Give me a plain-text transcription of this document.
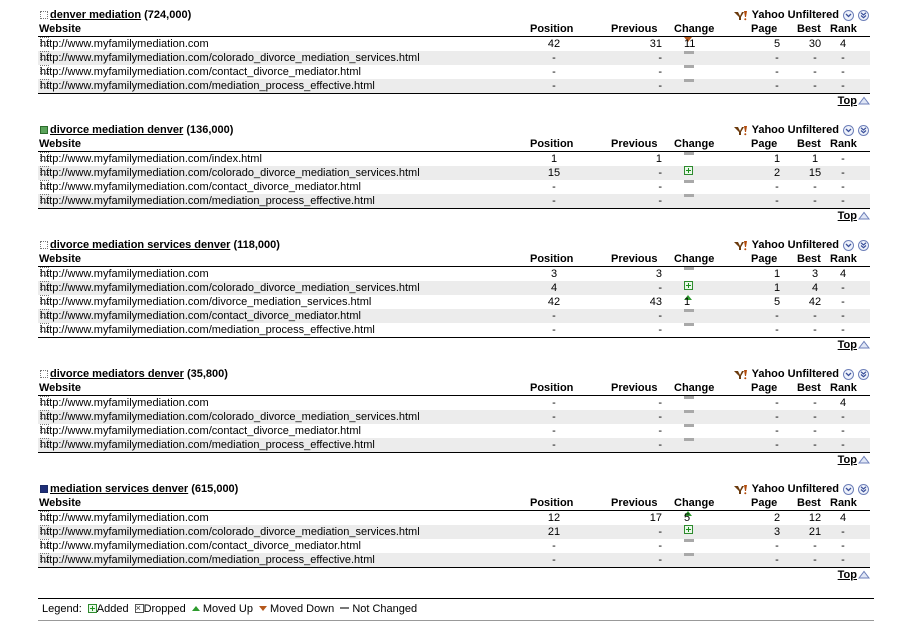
denver mediation (724,000)	Yahoo Unfiltered
Website	Position	Previous Change	Page Best Rank
http://www.myfamilymediation.com	42	31 11	5	30	4
http://www.myfamilymediation.com/colorado_divorce_mediation_services.html	-	-	-	-	-
http://www.myfamilymediation.com/contact_divorce_mediator.html	-	-	-	-	-
http://www.myfamilymediation.com/mediation_process_effective.html	-	-	-	-	-
Top
divorce mediation denver (136,000)	Yahoo Unfiltered
Website	Position	Previous Change	Page Best Rank
http://www.myfamilymediation.com/index.html	1	1	1	1	-
http://www.myfamilymediation.com/colorado_divorce_mediation_services.html	15	-	2	15	-
http://www.myfamilymediation.com/contact_divorce_mediator.html	-	-	-	-	-
http://www.myfamilymediation.com/mediation_process_effective.html	-	-	-	-	-
Top
divorce mediation services denver (118,000)	Yahoo Unfiltered
Website	Position	Previous Change	Page Best Rank
http://www.myfamilymediation.com	3	3	1	3	4
http://www.myfamilymediation.com/colorado_divorce_mediation_services.html	4	-	1	4	-
http://www.myfamilymediation.com/divorce_mediation_services.html	42	43 1	5	42	-
http://www.myfamilymediation.com/contact_divorce_mediator.html	-	-	-	-	-
http://www.myfamilymediation.com/mediation_process_effective.html	-	-	-	-	-
Top
divorce mediators denver (35,800)	Yahoo Unfiltered
Website	Position	Previous Change	Page Best Rank
http://www.myfamilymediation.com	-	-	-	-	4
http://www.myfamilymediation.com/colorado_divorce_mediation_services.html	-	-	-	-	-
http://www.myfamilymediation.com/contact_divorce_mediator.html	-	-	-	-	-
http://www.myfamilymediation.com/mediation_process_effective.html	-	-	-	-	-
Top
mediation services denver (615,000)	Yahoo Unfiltered
Website	Position	Previous Change	Page Best Rank
http://www.myfamilymediation.com	12	17 5	2	12	4
http://www.myfamilymediation.com/colorado_divorce_mediation_services.html	21	-	3	21	-
http://www.myfamilymediation.com/contact_divorce_mediator.html	-	-	-	-	-
http://www.myfamilymediation.com/mediation_process_effective.html	-	-	-	-	-
Top
Legend: Added× Dropped Moved Up Moved Down Not Changed
